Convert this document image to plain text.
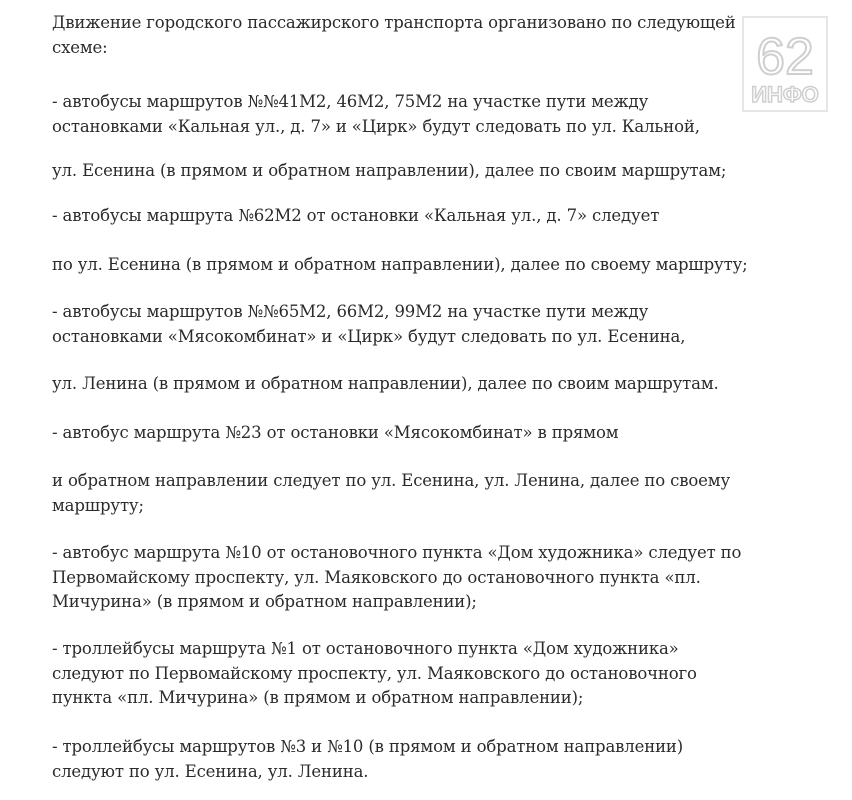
62
ИНФО

Движение городского пассажирского транспорта организовано по следующей
схеме:

- автобусы маршрутов №№41М2, 46М2, 75М2 на участке пути между
остановками «Кальная ул., д. 7» и «Цирк» будут следовать по ул. Кальной,

ул. Есенина (в прямом и обратном направлении), далее по своим маршрутам;

- автобусы маршрута №62М2 от остановки «Кальная ул., д. 7» следует

по ул. Есенина (в прямом и обратном направлении), далее по своему маршруту;

- автобусы маршрутов №№65М2, 66М2, 99М2 на участке пути между
остановками «Мясокомбинат» и «Цирк» будут следовать по ул. Есенина,

ул. Ленина (в прямом и обратном направлении), далее по своим маршрутам.

- автобус маршрута №23 от остановки «Мясокомбинат» в прямом

и обратном направлении следует по ул. Есенина, ул. Ленина, далее по своему
маршруту;

- автобус маршрута №10 от остановочного пункта «Дом художника» следует по
Первомайскому проспекту, ул. Маяковского до остановочного пункта «пл.
Мичурина» (в прямом и обратном направлении);

- троллейбусы маршрута №1 от остановочного пункта «Дом художника»
следуют по Первомайскому проспекту, ул. Маяковского до остановочного
пункта «пл. Мичурина» (в прямом и обратном направлении);

- троллейбусы маршрутов №3 и №10 (в прямом и обратном направлении)
следуют по ул. Есенина, ул. Ленина.
